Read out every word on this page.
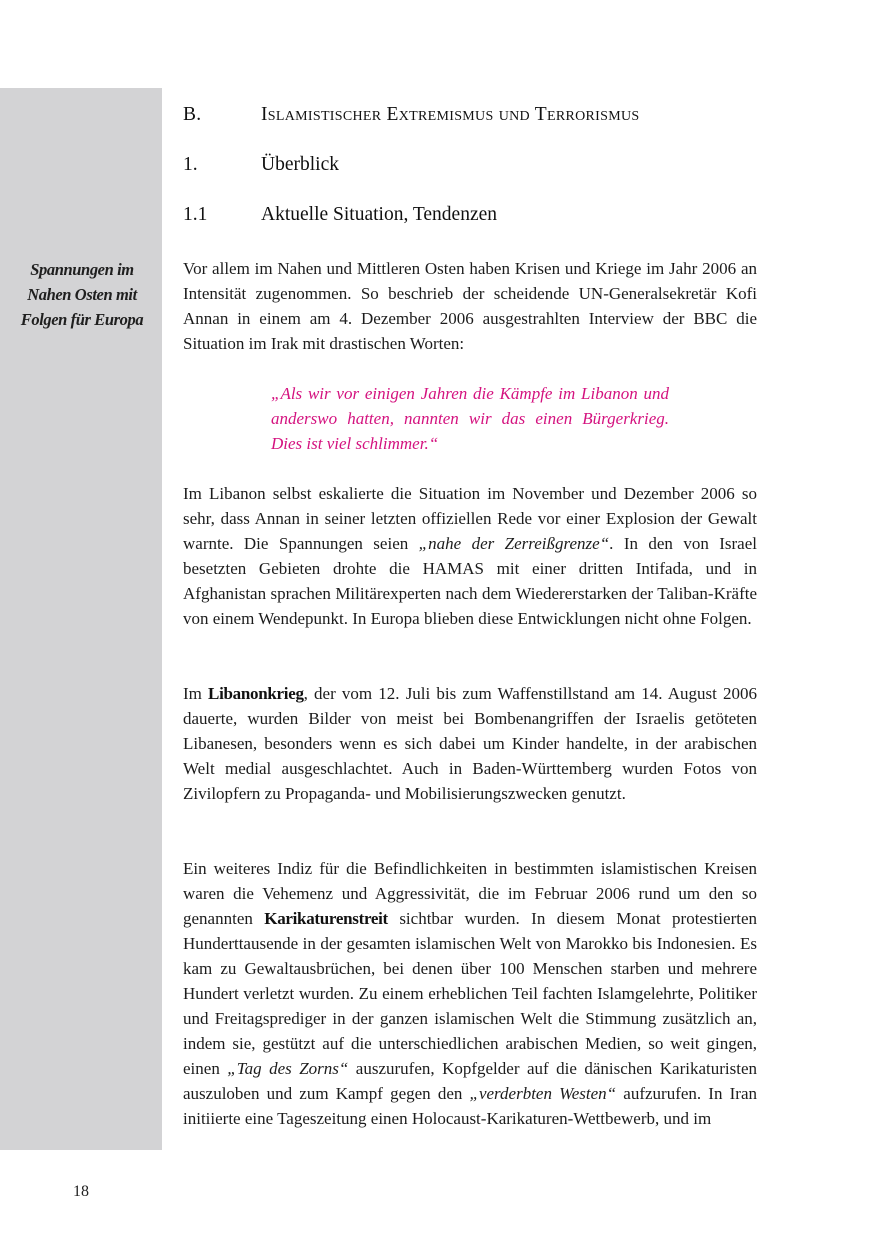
Spannungen im
Nahen Osten mit
Folgen für Europa
B.	Islamistischer Extremismus und Terrorismus
1.	Überblick
1.1	Aktuelle Situation, Tendenzen

Vor allem im Nahen und Mittleren Osten haben Krisen und Kriege im Jahr 2006 an Intensität zugenommen. So beschrieb der scheidende UN-Generalsekretär Kofi Annan in einem am 4. Dezember 2006 ausgestrahlten Interview der BBC die Situation im Irak mit drastischen Worten:

„Als wir vor einigen Jahren die Kämpfe im Libanon und anderswo hatten, nannten wir das einen Bürgerkrieg. Dies ist viel schlimmer.“

Im Libanon selbst eskalierte die Situation im November und Dezember 2006 so sehr, dass Annan in seiner letzten offiziellen Rede vor einer Explosion der Gewalt warnte. Die Spannungen seien „nahe der Zerreißgrenze“. In den von Israel besetzten Gebieten drohte die HAMAS mit einer dritten Intifada, und in Afghanistan sprachen Militärexperten nach dem Wiedererstarken der Taliban-Kräfte von einem Wendepunkt. In Europa blieben diese Entwicklungen nicht ohne Folgen.

Im Libanonkrieg, der vom 12. Juli bis zum Waffenstillstand am 14. August 2006 dauerte, wurden Bilder von meist bei Bombenangriffen der Israelis getöteten Libanesen, besonders wenn es sich dabei um Kinder handelte, in der arabischen Welt medial ausgeschlachtet. Auch in Baden-Württemberg wurden Fotos von Zivilopfern zu Propaganda- und Mobilisierungszwecken genutzt.

Ein weiteres Indiz für die Befindlichkeiten in bestimmten islamistischen Kreisen waren die Vehemenz und Aggressivität, die im Februar 2006 rund um den so genannten Karikaturenstreit sichtbar wurden. In diesem Monat protestierten Hunderttausende in der gesamten islamischen Welt von Marokko bis Indonesien. Es kam zu Gewaltausbrüchen, bei denen über 100 Menschen starben und mehrere Hundert verletzt wurden. Zu einem erheblichen Teil fachten Islamgelehrte, Politiker und Freitagsprediger in der ganzen islamischen Welt die Stimmung zusätzlich an, indem sie, gestützt auf die unterschiedlichen arabischen Medien, so weit gingen, einen „Tag des Zorns“ auszurufen, Kopfgelder auf die dänischen Karikaturisten auszuloben und zum Kampf gegen den „verderbten Westen“ aufzurufen. In Iran initiierte eine Tageszeitung einen Holocaust-Karikaturen-Wettbewerb, und im

18
